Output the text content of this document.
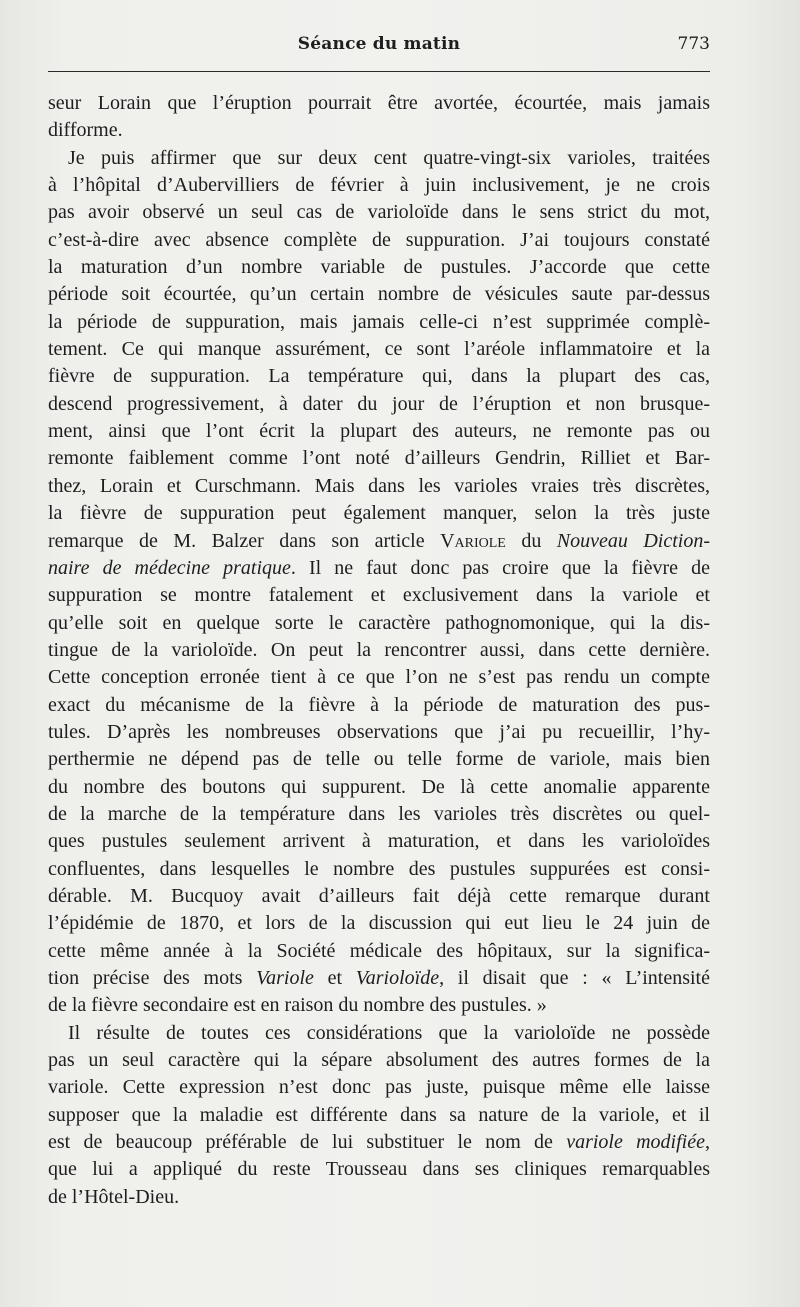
Séance du matin	773
seur Lorain que l’éruption pourrait être avortée, écourtée, mais jamais
difforme.
Je puis affirmer que sur deux cent quatre-vingt-six varioles, traitées
à l’hôpital d’Aubervilliers de février à juin inclusivement, je ne crois
pas avoir observé un seul cas de varioloïde dans le sens strict du mot,
c’est-à-dire avec absence complète de suppuration. J’ai toujours constaté
la maturation d’un nombre variable de pustules. J’accorde que cette
période soit écourtée, qu’un certain nombre de vésicules saute par-dessus
la période de suppuration, mais jamais celle-ci n’est supprimée complè-
tement. Ce qui manque assurément, ce sont l’aréole inflammatoire et la
fièvre de suppuration. La température qui, dans la plupart des cas,
descend progressivement, à dater du jour de l’éruption et non brusque-
ment, ainsi que l’ont écrit la plupart des auteurs, ne remonte pas ou
remonte faiblement comme l’ont noté d’ailleurs Gendrin, Rilliet et Bar-
thez, Lorain et Curschmann. Mais dans les varioles vraies très discrètes,
la fièvre de suppuration peut également manquer, selon la très juste
remarque de M. Balzer dans son article Variole du Nouveau Diction-
naire de médecine pratique. Il ne faut donc pas croire que la fièvre de
suppuration se montre fatalement et exclusivement dans la variole et
qu’elle soit en quelque sorte le caractère pathognomonique, qui la dis-
tingue de la varioloïde. On peut la rencontrer aussi, dans cette dernière.
Cette conception erronée tient à ce que l’on ne s’est pas rendu un compte
exact du mécanisme de la fièvre à la période de maturation des pus-
tules. D’après les nombreuses observations que j’ai pu recueillir, l’hy-
perthermie ne dépend pas de telle ou telle forme de variole, mais bien
du nombre des boutons qui suppurent. De là cette anomalie apparente
de la marche de la température dans les varioles très discrètes ou quel-
ques pustules seulement arrivent à maturation, et dans les varioloïdes
confluentes, dans lesquelles le nombre des pustules suppurées est consi-
dérable. M. Bucquoy avait d’ailleurs fait déjà cette remarque durant
l’épidémie de 1870, et lors de la discussion qui eut lieu le 24 juin de
cette même année à la Société médicale des hôpitaux, sur la significa-
tion précise des mots Variole et Varioloïde, il disait que : « L’intensité
de la fièvre secondaire est en raison du nombre des pustules. »
Il résulte de toutes ces considérations que la varioloïde ne possède
pas un seul caractère qui la sépare absolument des autres formes de la
variole. Cette expression n’est donc pas juste, puisque même elle laisse
supposer que la maladie est différente dans sa nature de la variole, et il
est de beaucoup préférable de lui substituer le nom de variole modifiée,
que lui a appliqué du reste Trousseau dans ses cliniques remarquables
de l’Hôtel-Dieu.
